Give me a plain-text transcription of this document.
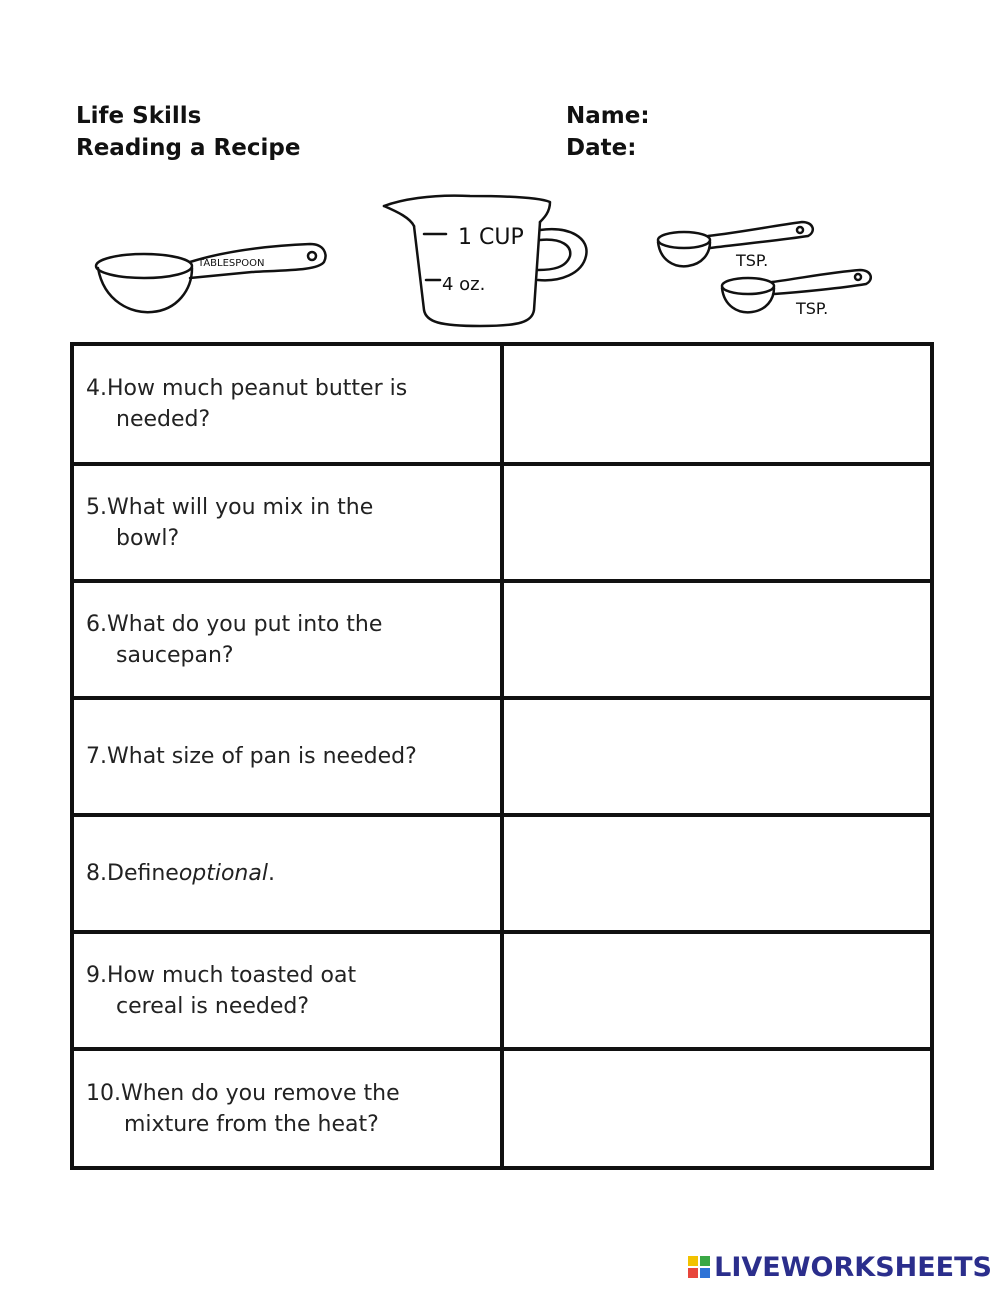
Life Skills
Reading a Recipe
Name:
Date:
TABLESPOON
1 CUP
4 oz.
TSP.
TSP.
4. How much peanut butter is
needed?
5. What will you mix in the
bowl?
6. What do you put into the
saucepan?
7. What size of pan is needed?
8. Define optional .
9. How much toasted oat
cereal is needed?
10. When do you remove the
mixture from the heat?
LIVEWORKSHEETS
